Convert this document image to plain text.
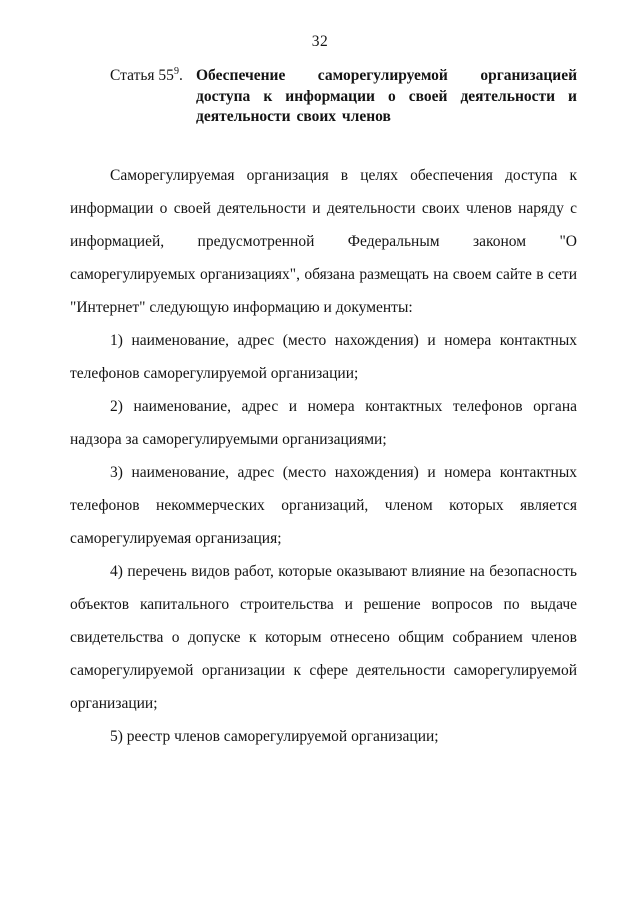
32
Статья $55^9$. Обеспечение саморегулируемой организацией доступа к информации о своей деятельности и деятельности своих членов

Саморегулируемая организация в целях обеспечения доступа к информации о своей деятельности и деятельности своих членов наряду с информацией, предусмотренной Федеральным законом "О саморегулируемых организациях", обязана размещать на своем сайте в сети "Интернет" следующую информацию и документы:

1) наименование, адрес (место нахождения) и номера контактных телефонов саморегулируемой организации;

2) наименование, адрес и номера контактных телефонов органа надзора за саморегулируемыми организациями;

3) наименование, адрес (место нахождения) и номера контактных телефонов некоммерческих организаций, членом которых является саморегулируемая организация;

4) перечень видов работ, которые оказывают влияние на безопасность объектов капитального строительства и решение вопросов по выдаче свидетельства о допуске к которым отнесено общим собранием членов саморегулируемой организации к сфере деятельности саморегулируемой организации;

5) реестр членов саморегулируемой организации;
